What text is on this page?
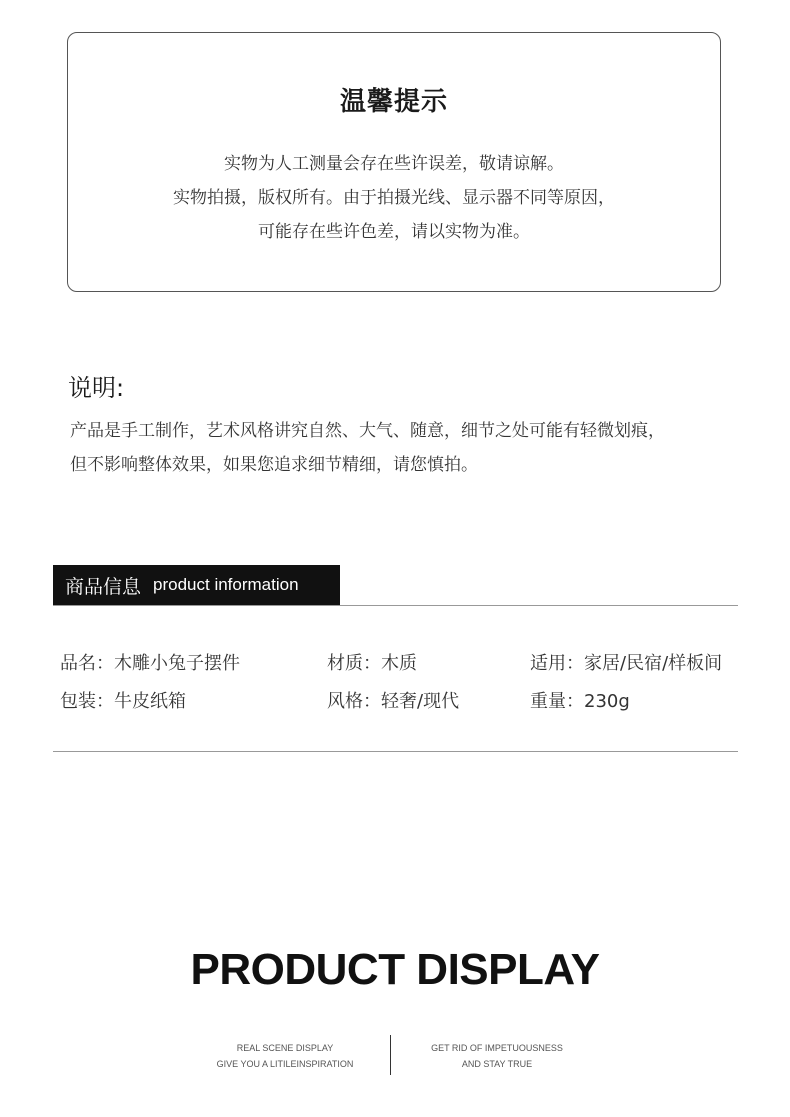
温馨提示
实物为人工测量会存在些许误差，敬请谅解。
实物拍摄，版权所有。由于拍摄光线、显示器不同等原因，
可能存在些许色差，请以实物为准。
说明:
产品是手工制作，艺术风格讲究自然、大气、随意，细节之处可能有轻微划痕，
但不影响整体效果，如果您追求细节精细，请您慎拍。
商品信息 product information
品名：木雕小兔子摆件	材质：木质	适用：家居/民宿/样板间
包装：牛皮纸箱	风格：轻奢/现代	重量：230g
PRODUCT DISPLAY
REAL SCENE DISPLAY
GIVE YOU A LITILEINSPIRATION
GET RID OF IMPETUOUSNESS
AND STAY TRUE
